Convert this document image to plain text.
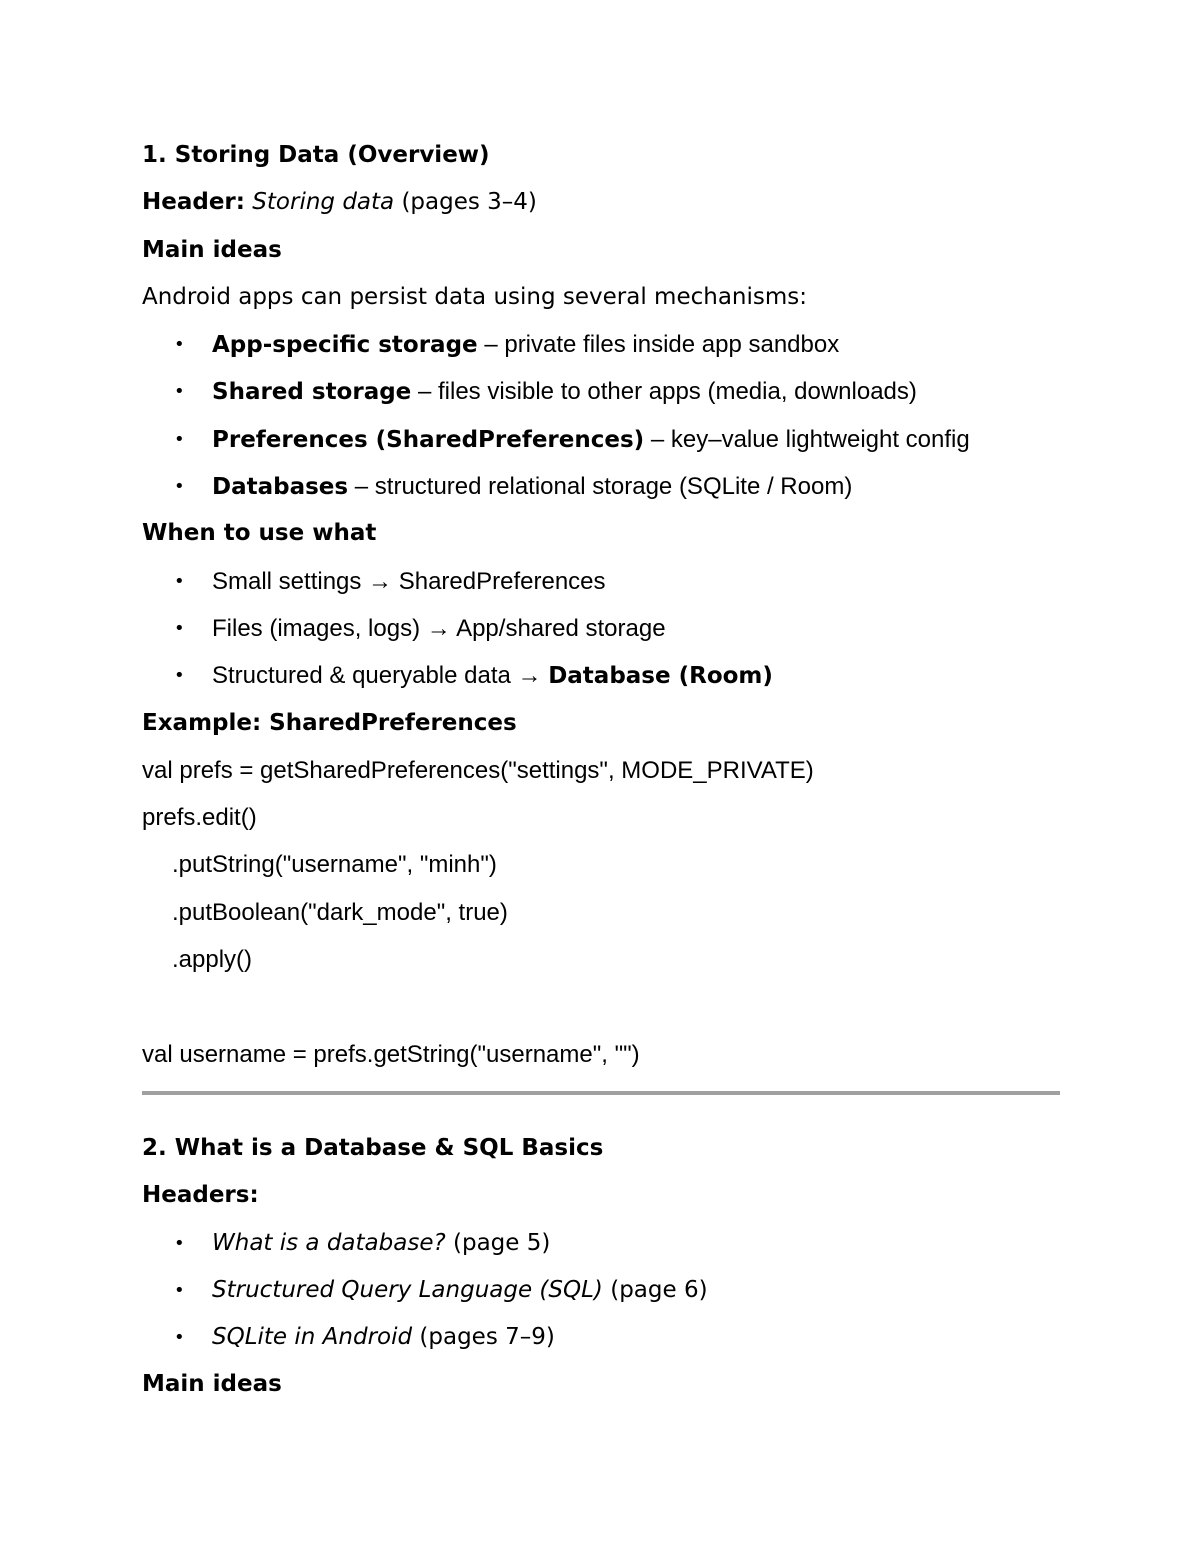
1. Storing Data (Overview)
Header: Storing data (pages 3–4)
Main ideas
Android apps can persist data using several mechanisms:
• App-specific storage – private files inside app sandbox
• Shared storage – files visible to other apps (media, downloads)
• Preferences (SharedPreferences) – key–value lightweight config
• Databases – structured relational storage (SQLite / Room)
When to use what
• Small settings → SharedPreferences
• Files (images, logs) → App/shared storage
• Structured & queryable data → Database (Room)
Example: SharedPreferences
val prefs = getSharedPreferences("settings", MODE_PRIVATE)
prefs.edit()
.putString("username", "minh")
.putBoolean("dark_mode", true)
.apply()
val username = prefs.getString("username", "")
2. What is a Database & SQL Basics
Headers:
• What is a database? (page 5)
• Structured Query Language (SQL) (page 6)
• SQLite in Android (pages 7–9)
Main ideas
